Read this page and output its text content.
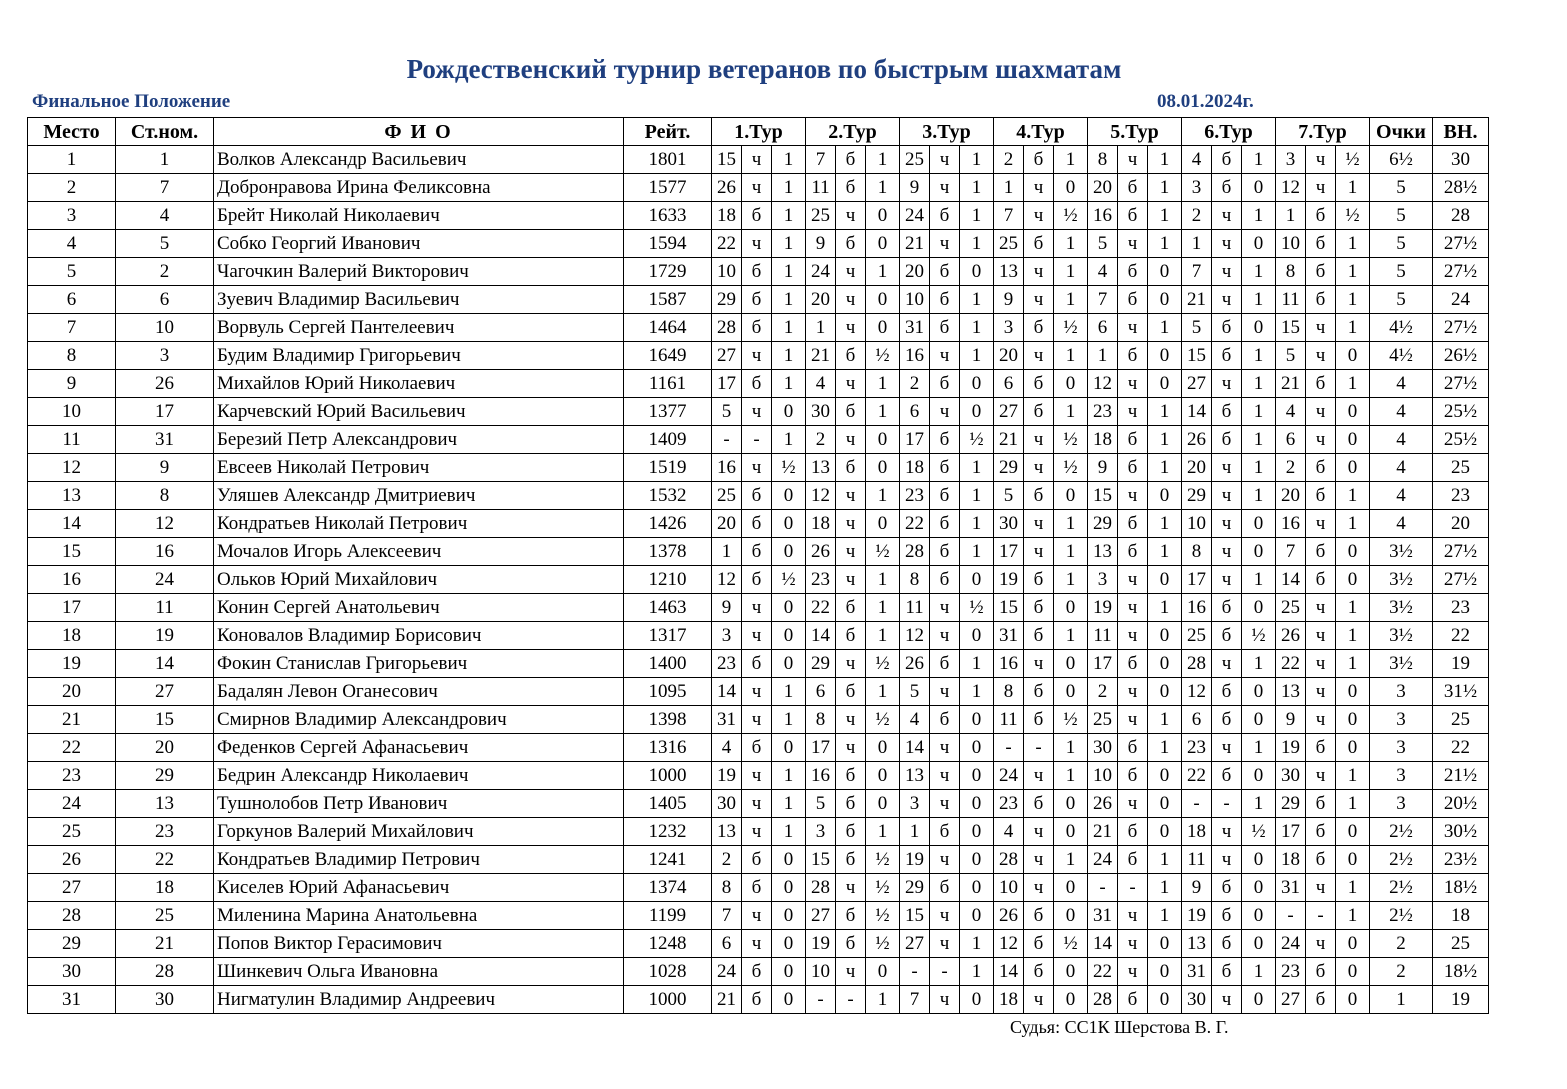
Рождественский турнир ветеранов по быстрым шахматам
Финальное Положение	08.01.2024г.
Место	Ст.ном.	Ф И О	Рейт.	1.Тур			2.Тур			3.Тур			4.Тур			5.Тур			6.Тур			7.Тур			Очки	ВН.
1	1	Волков Александр Васильевич	1801	15	ч	1	7	б	1	25	ч	1	2	б	1	8	ч	1	4	б	1	3	ч	½	6½	30
2	7	Добронравова Ирина Феликсовна	1577	26	ч	1	11	б	1	9	ч	1	1	ч	0	20	б	1	3	б	0	12	ч	1	5	28½
3	4	Брейт Николай Николаевич	1633	18	б	1	25	ч	0	24	б	1	7	ч	½	16	б	1	2	ч	1	1	б	½	5	28
4	5	Собко Георгий Иванович	1594	22	ч	1	9	б	0	21	ч	1	25	б	1	5	ч	1	1	ч	0	10	б	1	5	27½
5	2	Чагочкин Валерий Викторович	1729	10	б	1	24	ч	1	20	б	0	13	ч	1	4	б	0	7	ч	1	8	б	1	5	27½
6	6	Зуевич Владимир Васильевич	1587	29	б	1	20	ч	0	10	б	1	9	ч	1	7	б	0	21	ч	1	11	б	1	5	24
7	10	Ворвуль Сергей Пантелеевич	1464	28	б	1	1	ч	0	31	б	1	3	б	½	6	ч	1	5	б	0	15	ч	1	4½	27½
8	3	Будим Владимир Григорьевич	1649	27	ч	1	21	б	½	16	ч	1	20	ч	1	1	б	0	15	б	1	5	ч	0	4½	26½
9	26	Михайлов Юрий Николаевич	1161	17	б	1	4	ч	1	2	б	0	6	б	0	12	ч	0	27	ч	1	21	б	1	4	27½
10	17	Карчевский Юрий Васильевич	1377	5	ч	0	30	б	1	6	ч	0	27	б	1	23	ч	1	14	б	1	4	ч	0	4	25½
11	31	Березий Петр Александрович	1409	-	-	1	2	ч	0	17	б	½	21	ч	½	18	б	1	26	б	1	6	ч	0	4	25½
12	9	Евсеев Николай Петрович	1519	16	ч	½	13	б	0	18	б	1	29	ч	½	9	б	1	20	ч	1	2	б	0	4	25
13	8	Уляшев Александр Дмитриевич	1532	25	б	0	12	ч	1	23	б	1	5	б	0	15	ч	0	29	ч	1	20	б	1	4	23
14	12	Кондратьев Николай Петрович	1426	20	б	0	18	ч	0	22	б	1	30	ч	1	29	б	1	10	ч	0	16	ч	1	4	20
15	16	Мочалов Игорь Алексеевич	1378	1	б	0	26	ч	½	28	б	1	17	ч	1	13	б	1	8	ч	0	7	б	0	3½	27½
16	24	Ольков Юрий Михайлович	1210	12	б	½	23	ч	1	8	б	0	19	б	1	3	ч	0	17	ч	1	14	б	0	3½	27½
17	11	Конин Сергей Анатольевич	1463	9	ч	0	22	б	1	11	ч	½	15	б	0	19	ч	1	16	б	0	25	ч	1	3½	23
18	19	Коновалов Владимир Борисович	1317	3	ч	0	14	б	1	12	ч	0	31	б	1	11	ч	0	25	б	½	26	ч	1	3½	22
19	14	Фокин Станислав Григорьевич	1400	23	б	0	29	ч	½	26	б	1	16	ч	0	17	б	0	28	ч	1	22	ч	1	3½	19
20	27	Бадалян Левон Оганесович	1095	14	ч	1	6	б	1	5	ч	1	8	б	0	2	ч	0	12	б	0	13	ч	0	3	31½
21	15	Смирнов Владимир Александрович	1398	31	ч	1	8	ч	½	4	б	0	11	б	½	25	ч	1	6	б	0	9	ч	0	3	25
22	20	Феденков Сергей Афанасьевич	1316	4	б	0	17	ч	0	14	ч	0	-	-	1	30	б	1	23	ч	1	19	б	0	3	22
23	29	Бедрин Александр Николаевич	1000	19	ч	1	16	б	0	13	ч	0	24	ч	1	10	б	0	22	б	0	30	ч	1	3	21½
24	13	Тушнолобов Петр Иванович	1405	30	ч	1	5	б	0	3	ч	0	23	б	0	26	ч	0	-	-	1	29	б	1	3	20½
25	23	Горкунов Валерий Михайлович	1232	13	ч	1	3	б	1	1	б	0	4	ч	0	21	б	0	18	ч	½	17	б	0	2½	30½
26	22	Кондратьев Владимир Петрович	1241	2	б	0	15	б	½	19	ч	0	28	ч	1	24	б	1	11	ч	0	18	б	0	2½	23½
27	18	Киселев Юрий Афанасьевич	1374	8	б	0	28	ч	½	29	б	0	10	ч	0	-	-	1	9	б	0	31	ч	1	2½	18½
28	25	Миленина Марина Анатольевна	1199	7	ч	0	27	б	½	15	ч	0	26	б	0	31	ч	1	19	б	0	-	-	1	2½	18
29	21	Попов Виктор Герасимович	1248	6	ч	0	19	б	½	27	ч	1	12	б	½	14	ч	0	13	б	0	24	ч	0	2	25
30	28	Шинкевич Ольга Ивановна	1028	24	б	0	10	ч	0	-	-	1	14	б	0	22	ч	0	31	б	1	23	б	0	2	18½
31	30	Нигматулин Владимир Андреевич	1000	21	б	0	-	-	1	7	ч	0	18	ч	0	28	б	0	30	ч	0	27	б	0	1	19
Судья: СС1К Шерстова В. Г.
